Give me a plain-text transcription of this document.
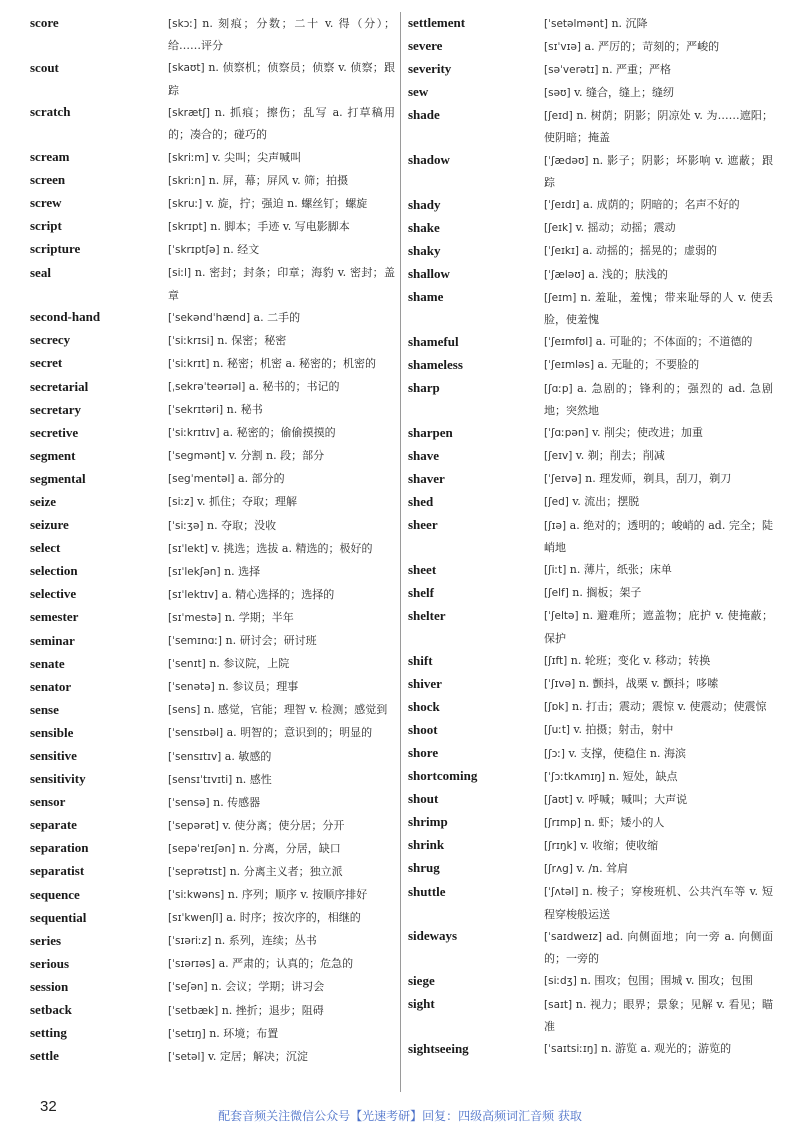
score	[skɔː] n. 刻痕；分数；二十 v. 得（分）；给……评分
scout	[skaʊt] n. 侦察机；侦察员；侦察 v. 侦察；跟踪
scratch	[skrætʃ] n. 抓痕；擦伤；乱写 a. 打草稿用的；凑合的；碰巧的
scream	[skriːm] v. 尖叫；尖声喊叫
screen	[skriːn] n. 屏，幕；屏风 v. 筛；拍摄
screw	[skruː] v. 旋，拧；强迫 n. 螺丝钉；螺旋
script	[skrɪpt] n. 脚本；手迹 v. 写电影脚本
scripture	[ˈskrɪptʃə] n. 经文
seal	[siːl] n. 密封；封条；印章；海豹 v. 密封；盖章
second-hand	[ˈsekəndˈhænd] a. 二手的
secrecy	[ˈsiːkrɪsi] n. 保密；秘密
secret	[ˈsiːkrɪt] n. 秘密；机密 a. 秘密的；机密的
secretarial	[ˌsekrəˈteərɪəl] a. 秘书的；书记的
secretary	[ˈsekrɪtəri] n. 秘书
secretive	[ˈsiːkrɪtɪv] a. 秘密的；偷偷摸摸的
segment	[ˈsegmənt] v. 分割 n. 段；部分
segmental	[segˈmentəl] a. 部分的
seize	[siːz] v. 抓住；夺取；理解
seizure	[ˈsiːʒə] n. 夺取；没收
select	[sɪˈlekt] v. 挑选；选拔 a. 精选的；极好的
selection	[sɪˈlekʃən] n. 选择
selective	[sɪˈlektɪv] a. 精心选择的；选择的
semester	[sɪˈmestə] n. 学期；半年
seminar	[ˈsemɪnɑː] n. 研讨会；研讨班
senate	[ˈsenɪt] n. 参议院，上院
senator	[ˈsenətə] n. 参议员；理事
sense	[sens] n. 感觉，官能；理智 v. 检测；感觉到
sensible	[ˈsensɪbəl] a. 明智的；意识到的；明显的
sensitive	[ˈsensɪtɪv] a. 敏感的
sensitivity	[sensɪˈtɪvɪti] n. 感性
sensor	[ˈsensə] n. 传感器
separate	[ˈsepərət] v. 使分离；使分居；分开
separation	[sepəˈreɪʃən] n. 分离，分居，缺口
separatist	[ˈseprətɪst] n. 分离主义者；独立派
sequence	[ˈsiːkwəns] n. 序列；顺序 v. 按顺序排好
sequential	[sɪˈkwenʃl] a. 时序；按次序的，相继的
series	[ˈsɪəriːz] n. 系列，连续；丛书
serious	[ˈsɪərɪəs] a. 严肃的；认真的；危急的
session	[ˈseʃən] n. 会议；学期；讲习会
setback	[ˈsetbæk] n. 挫折；退步；阻碍
setting	[ˈsetɪŋ] n. 环境；布置
settle	[ˈsetəl] v. 定居；解决；沉淀
settlement	[ˈsetəlmənt] n. 沉降
severe	[sɪˈvɪə] a. 严厉的；苛刻的；严峻的
severity	[səˈverətɪ] n. 严重；严格
sew	[səʊ] v. 缝合，缝上；缝纫
shade	[ʃeɪd] n. 树荫；阴影；阴凉处 v. 为……遮阳；使阴暗；掩盖
shadow	[ˈʃædəʊ] n. 影子；阴影；坏影响 v. 遮蔽；跟踪
shady	[ˈʃeɪdɪ] a. 成荫的；阴暗的；名声不好的
shake	[ʃeɪk] v. 摇动；动摇；震动
shaky	[ˈʃeɪkɪ] a. 动摇的；摇晃的；虚弱的
shallow	[ˈʃæləʊ] a. 浅的；肤浅的
shame	[ʃeɪm] n. 羞耻，羞愧；带来耻辱的人 v. 使丢脸，使羞愧
shameful	[ˈʃeɪmfʊl] a. 可耻的；不体面的；不道德的
shameless	[ˈʃeɪmləs] a. 无耻的；不要脸的
sharp	[ʃɑːp] a. 急剧的；锋利的；强烈的 ad. 急剧地；突然地
sharpen	[ˈʃɑːpən] v. 削尖；使改进；加重
shave	[ʃeɪv] v. 剃；削去；削减
shaver	[ˈʃeɪvə] n. 理发师，剃具，刮刀，剃刀
shed	[ʃed] v. 流出；摆脱
sheer	[ʃɪə] a. 绝对的；透明的；峻峭的 ad. 完全；陡峭地
sheet	[ʃiːt] n. 薄片，纸张；床单
shelf	[ʃelf] n. 搁板；架子
shelter	[ˈʃeltə] n. 避难所；遮盖物；庇护 v. 使掩蔽；保护
shift	[ʃɪft] n. 轮班；变化 v. 移动；转换
shiver	[ˈʃɪvə] n. 颤抖，战栗 v. 颤抖；哆嗦
shock	[ʃɒk] n. 打击；震动；震惊 v. 使震动；使震惊
shoot	[ʃuːt] v. 拍摄；射击，射中
shore	[ʃɔː] v. 支撑，使稳住 n. 海滨
shortcoming	[ˈʃɔːtkʌmɪŋ] n. 短处，缺点
shout	[ʃaʊt] v. 呼喊；喊叫；大声说
shrimp	[ʃrɪmp] n. 虾；矮小的人
shrink	[ʃrɪŋk] v. 收缩；使收缩
shrug	[ʃrʌg] v. /n. 耸肩
shuttle	[ˈʃʌtəl] n. 梭子；穿梭班机、公共汽车等 v. 短程穿梭般运送
sideways	[ˈsaɪdweɪz] ad. 向侧面地；向一旁 a. 向侧面的；一旁的
siege	[siːdʒ] n. 围攻；包围；围城 v. 围攻；包围
sight	[saɪt] n. 视力；眼界；景象；见解 v. 看见；瞄准
sightseeing	[ˈsaɪtsiːɪŋ] n. 游览 a. 观光的；游览的
32
配套音频关注微信公众号【光速考研】回复：四级高频词汇音频 获取
